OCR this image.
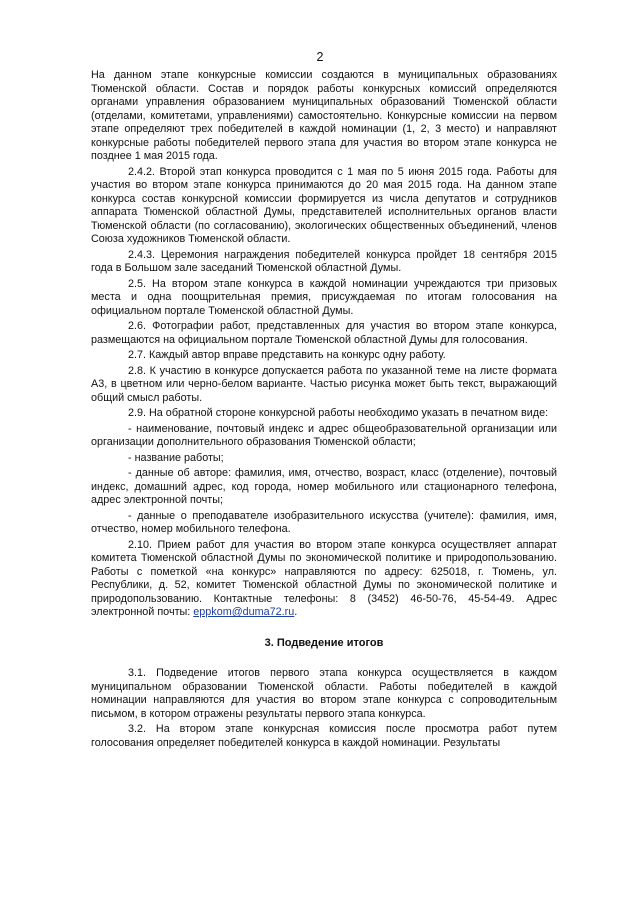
2

На данном этапе конкурсные комиссии создаются в муниципальных образованиях Тюменской области. Состав и порядок работы конкурсных комиссий определяются органами управления образованием муниципальных образований Тюменской области (отделами, комитетами, управлениями) самостоятельно. Конкурсные комиссии на первом этапе определяют трех победителей в каждой номинации (1, 2, 3 место) и направляют конкурсные работы победителей первого этапа для участия во втором этапе конкурса не позднее 1 мая 2015 года.

2.4.2. Второй этап конкурса проводится с 1 мая по 5 июня 2015 года. Работы для участия во втором этапе конкурса принимаются до 20 мая 2015 года. На данном этапе конкурса состав конкурсной комиссии формируется из числа депутатов и сотрудников аппарата Тюменской областной Думы, представителей исполнительных органов власти Тюменской области (по согласованию), экологических общественных объединений, членов Союза художников Тюменской области.

2.4.3. Церемония награждения победителей конкурса пройдет 18 сентября 2015 года в Большом зале заседаний Тюменской областной Думы.

2.5. На втором этапе конкурса в каждой номинации учреждаются три призовых места и одна поощрительная премия, присуждаемая по итогам голосования на официальном портале Тюменской областной Думы.

2.6. Фотографии работ, представленных для участия во втором этапе конкурса, размещаются на официальном портале Тюменской областной Думы для голосования.

2.7. Каждый автор вправе представить на конкурс одну работу.

2.8. К участию в конкурсе допускается работа по указанной теме на листе формата А3, в цветном или черно-белом варианте. Частью рисунка может быть текст, выражающий общий смысл работы.

2.9. На обратной стороне конкурсной работы необходимо указать в печатном виде:

- наименование, почтовый индекс и адрес общеобразовательной организации или организации дополнительного образования Тюменской области;

- название работы;

- данные об авторе: фамилия, имя, отчество, возраст, класс (отделение), почтовый индекс, домашний адрес, код города, номер мобильного или стационарного телефона, адрес электронной почты;

- данные о преподавателе изобразительного искусства (учителе): фамилия, имя, отчество, номер мобильного телефона.

2.10. Прием работ для участия во втором этапе конкурса осуществляет аппарат комитета Тюменской областной Думы по экономической политике и природопользованию. Работы с пометкой «на конкурс» направляются по адресу: 625018, г. Тюмень, ул. Республики, д. 52, комитет Тюменской областной Думы по экономической политике и природопользованию. Контактные телефоны: 8 (3452) 46-50-76, 45-54-49. Адрес электронной почты: eppkom@duma72.ru.

3. Подведение итогов

3.1. Подведение итогов первого этапа конкурса осуществляется в каждом муниципальном образовании Тюменской области. Работы победителей в каждой номинации направляются для участия во втором этапе конкурса с сопроводительным письмом, в котором отражены результаты первого этапа конкурса.

3.2. На втором этапе конкурсная комиссия после просмотра работ путем голосования определяет победителей конкурса в каждой номинации. Результаты
